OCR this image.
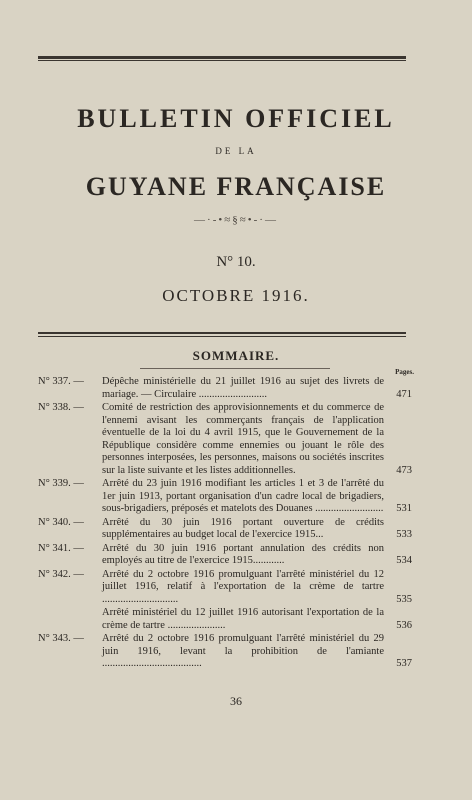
BULLETIN OFFICIEL
DE LA
GUYANE FRANÇAISE
—·-•≈§≈•-·—
N° 10.
OCTOBRE 1916.
SOMMAIRE.
Pages.
N° 337. —	Dépêche ministérielle du 21 juillet 1916 au sujet des livrets de mariage. — Circulaire ..........................	471
N° 338. —	Comité de restriction des approvisionnements et du commerce de l'ennemi avisant les commerçants français de l'application éventuelle de la loi du 4 avril 1915, que le Gouvernement de la République considère comme ennemies ou jouant le rôle des personnes interposées, les personnes, maisons ou sociétés inscrites sur la liste suivante et les listes additionnelles.	473
N° 339. —	Arrêté du 23 juin 1916 modifiant les articles 1 et 3 de l'arrêté du 1er juin 1913, portant organisation d'un cadre local de brigadiers, sous-brigadiers, préposés et matelots des Douanes ..........................	531
N° 340. —	Arrêté du 30 juin 1916 portant ouverture de crédits supplémentaires au budget local de l'exercice 1915...	533
N° 341. —	Arrêté du 30 juin 1916 portant annulation des crédits non employés au titre de l'exercice 1915............	534
N° 342. —	Arrêté du 2 octobre 1916 promulguant l'arrêté ministériel du 12 juillet 1916, relatif à l'exportation de la crème de tartre .............................	535
Arrêté ministériel du 12 juillet 1916 autorisant l'exportation de la crème de tartre ......................	536
N° 343. —	Arrêté du 2 octobre 1916 promulguant l'arrêté ministériel du 29 juin 1916, levant la prohibition de l'amiante ......................................	537
36
